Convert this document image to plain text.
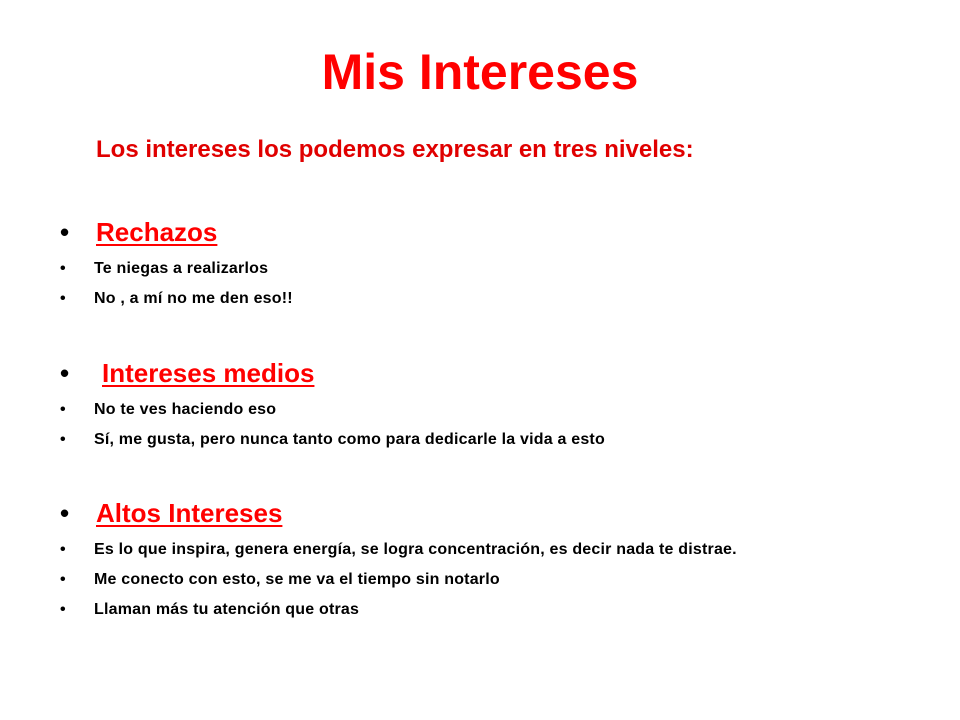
Mis Intereses

Los intereses los podemos expresar en tres niveles:

• Rechazos
• Te niegas a realizarlos
• No , a mí no me den eso!!
• Intereses medios
• No te ves haciendo eso
• Sí, me gusta, pero nunca tanto como para dedicarle la vida a esto
• Altos Intereses
• Es lo que inspira, genera energía, se logra concentración, es decir nada te distrae.
• Me conecto con esto, se me va el tiempo sin notarlo
• Llaman más tu atención que otras
